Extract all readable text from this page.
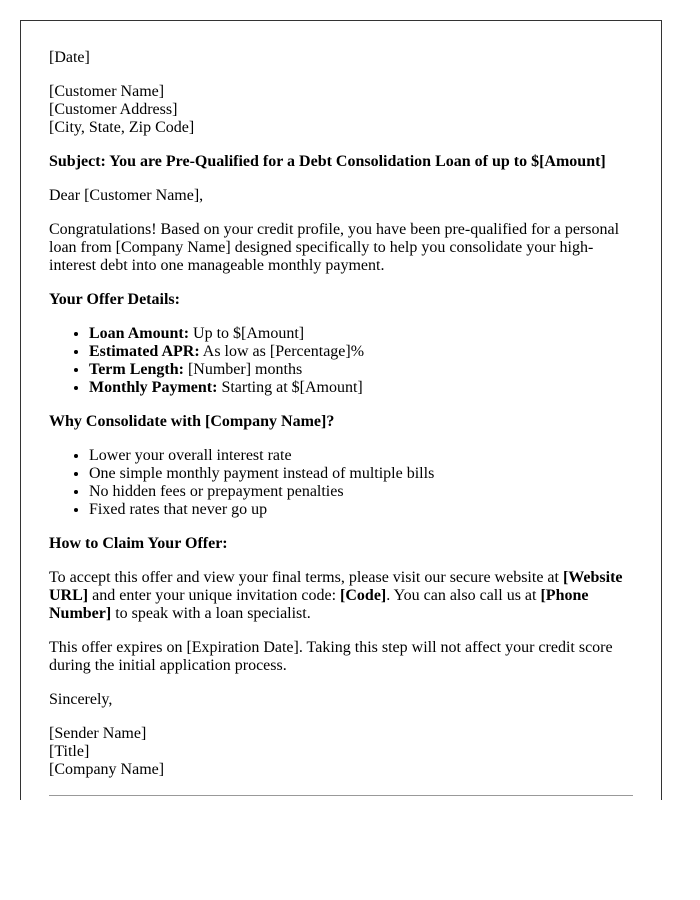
[Date]

[Customer Name]
[Customer Address]
[City, State, Zip Code]

Subject: You are Pre-Qualified for a Debt Consolidation Loan of up to $[Amount]

Dear [Customer Name],

Congratulations! Based on your credit profile, you have been pre-qualified for a personal loan from [Company Name] designed specifically to help you consolidate your high-interest debt into one manageable monthly payment.

Your Offer Details:

• Loan Amount: Up to $[Amount]
• Estimated APR: As low as [Percentage]%
• Term Length: [Number] months
• Monthly Payment: Starting at $[Amount]

Why Consolidate with [Company Name]?

• Lower your overall interest rate
• One simple monthly payment instead of multiple bills
• No hidden fees or prepayment penalties
• Fixed rates that never go up

How to Claim Your Offer:

To accept this offer and view your final terms, please visit our secure website at [Website URL] and enter your unique invitation code: [Code]. You can also call us at [Phone Number] to speak with a loan specialist.

This offer expires on [Expiration Date]. Taking this step will not affect your credit score during the initial application process.

Sincerely,

[Sender Name]
[Title]
[Company Name]
